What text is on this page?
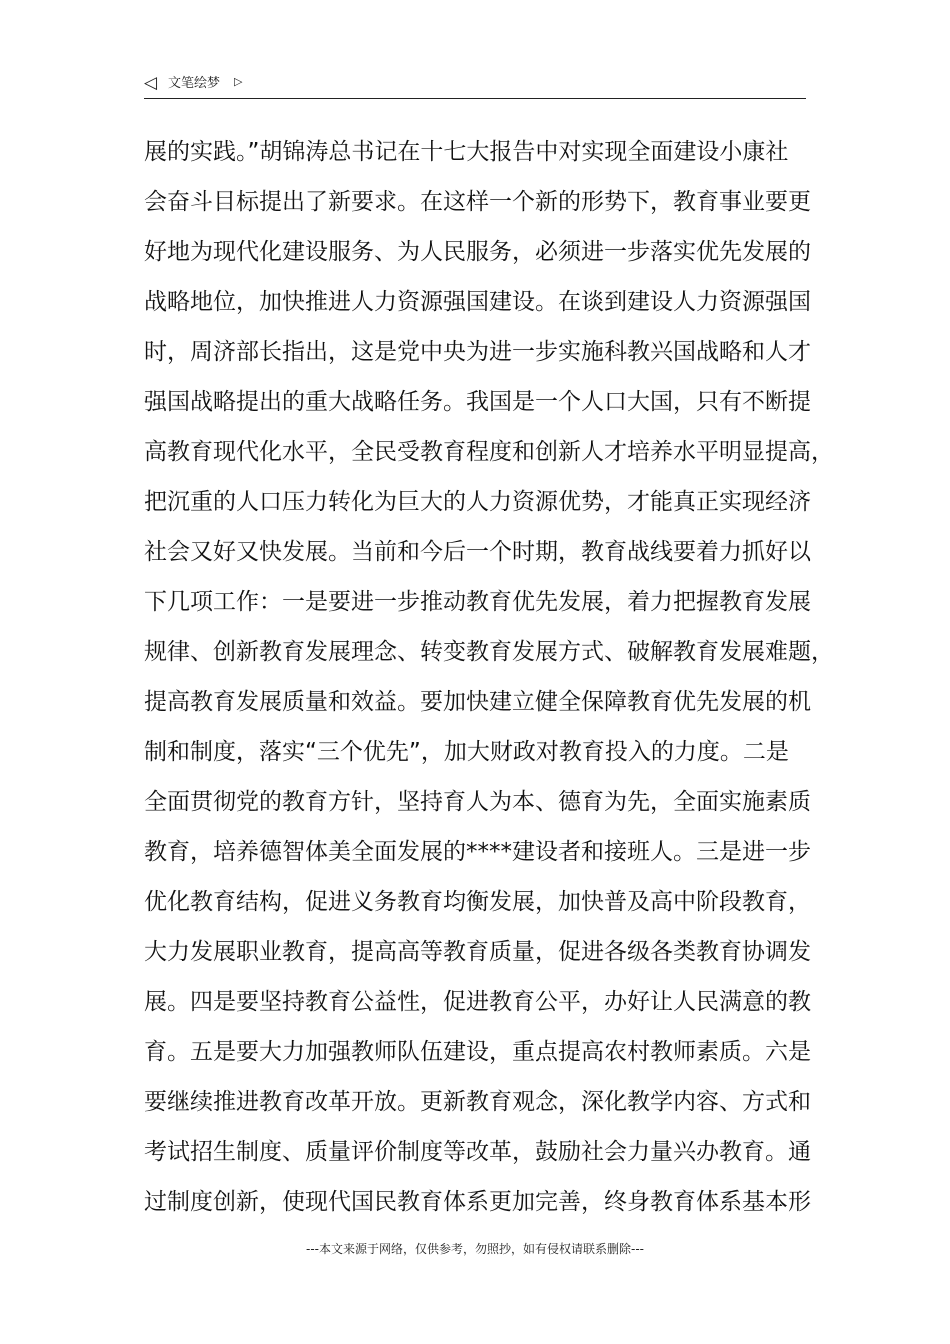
◁ 文笔绘梦 ▷
展的实践。”胡锦涛总书记在十七大报告中对实现全面建设小康社
会奋斗目标提出了新要求。在这样一个新的形势下，教育事业要更
好地为现代化建设服务、为人民服务，必须进一步落实优先发展的
战略地位，加快推进人力资源强国建设。在谈到建设人力资源强国
时，周济部长指出，这是党中央为进一步实施科教兴国战略和人才
强国战略提出的重大战略任务。我国是一个人口大国，只有不断提
高教育现代化水平，全民受教育程度和创新人才培养水平明显提高，
把沉重的人口压力转化为巨大的人力资源优势，才能真正实现经济
社会又好又快发展。当前和今后一个时期，教育战线要着力抓好以
下几项工作：一是要进一步推动教育优先发展，着力把握教育发展
规律、创新教育发展理念、转变教育发展方式、破解教育发展难题，
提高教育发展质量和效益。要加快建立健全保障教育优先发展的机
制和制度，落实“三个优先”，加大财政对教育投入的力度。二是
全面贯彻党的教育方针，坚持育人为本、德育为先，全面实施素质
教育，培养德智体美全面发展的****建设者和接班人。三是进一步
优化教育结构，促进义务教育均衡发展，加快普及高中阶段教育，
大力发展职业教育，提高高等教育质量，促进各级各类教育协调发
展。四是要坚持教育公益性，促进教育公平，办好让人民满意的教
育。五是要大力加强教师队伍建设，重点提高农村教师素质。六是
要继续推进教育改革开放。更新教育观念，深化教学内容、方式和
考试招生制度、质量评价制度等改革，鼓励社会力量兴办教育。通
过制度创新，使现代国民教育体系更加完善，终身教育体系基本形
---本文来源于网络，仅供参考，勿照抄，如有侵权请联系删除---
